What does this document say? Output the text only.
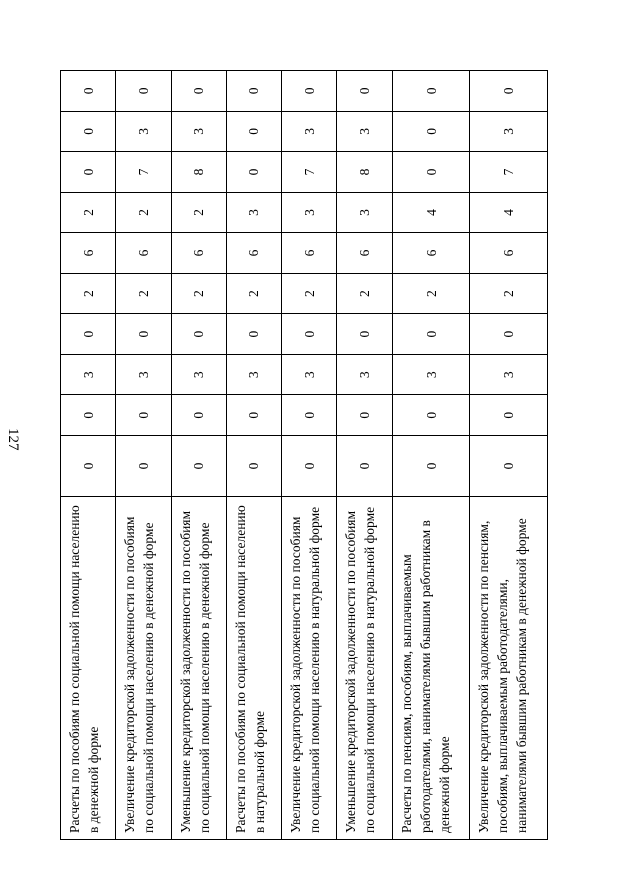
127
Расчеты по пособиям по социальной помощи населению в денежной форме	0	0	3	0	2	6	2	0	0	0
Увеличение кредиторской задолженности по пособиям по социальной помощи населению в денежной форме	0	0	3	0	2	6	2	7	3	0
Уменьшение кредиторской задолженности по пособиям по социальной помощи населению в денежной форме	0	0	3	0	2	6	2	8	3	0
Расчеты по пособиям по социальной помощи населению в натуральной форме	0	0	3	0	2	6	3	0	0	0
Увеличение кредиторской задолженности по пособиям по социальной помощи населению в натуральной форме	0	0	3	0	2	6	3	7	3	0
Уменьшение кредиторской задолженности по пособиям по социальной помощи населению в натуральной форме	0	0	3	0	2	6	3	8	3	0
Расчеты по пенсиям, пособиям, выплачиваемым работодателями, нанимателями бывшим работникам в денежной форме	0	0	3	0	2	6	4	0	0	0
Увеличение кредиторской задолженности по пенсиям, пособиям, выплачиваемым работодателями, нанимателями бывшим работникам в денежной форме	0	0	3	0	2	6	4	7	3	0
